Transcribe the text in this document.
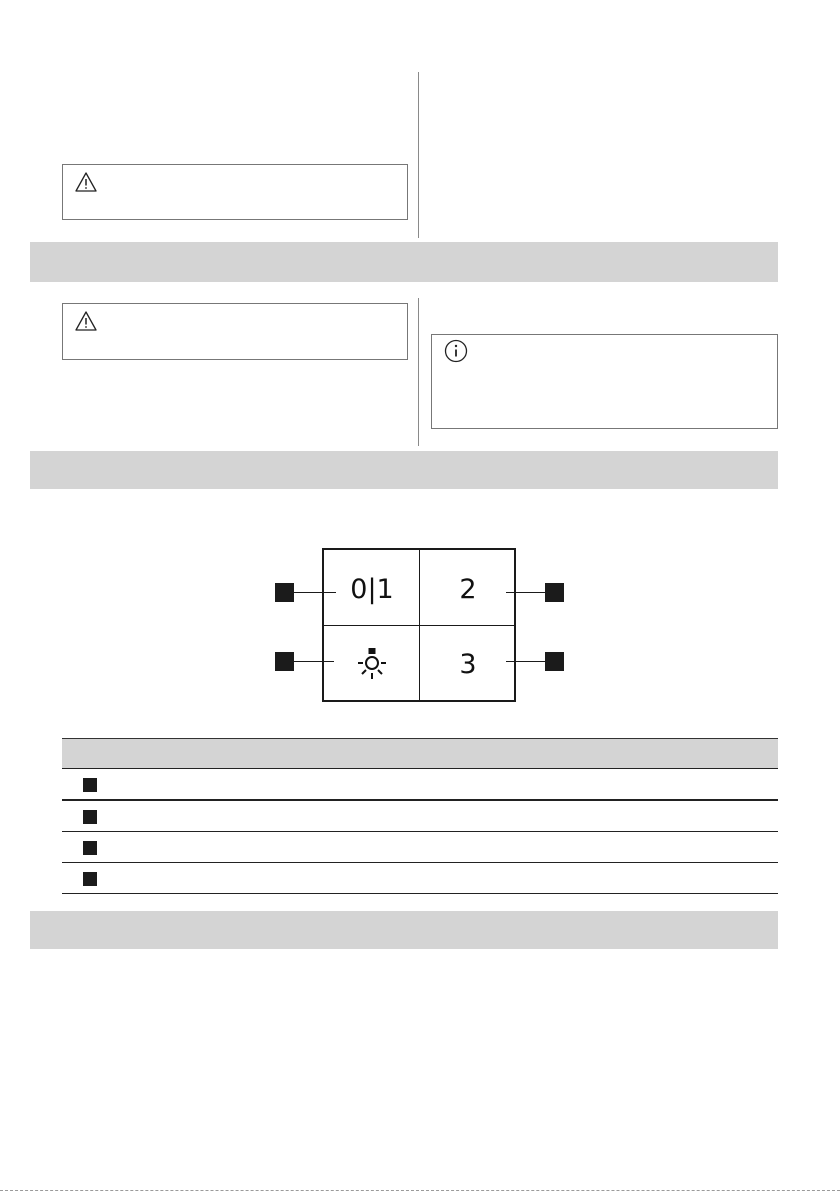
0|1	2
3
